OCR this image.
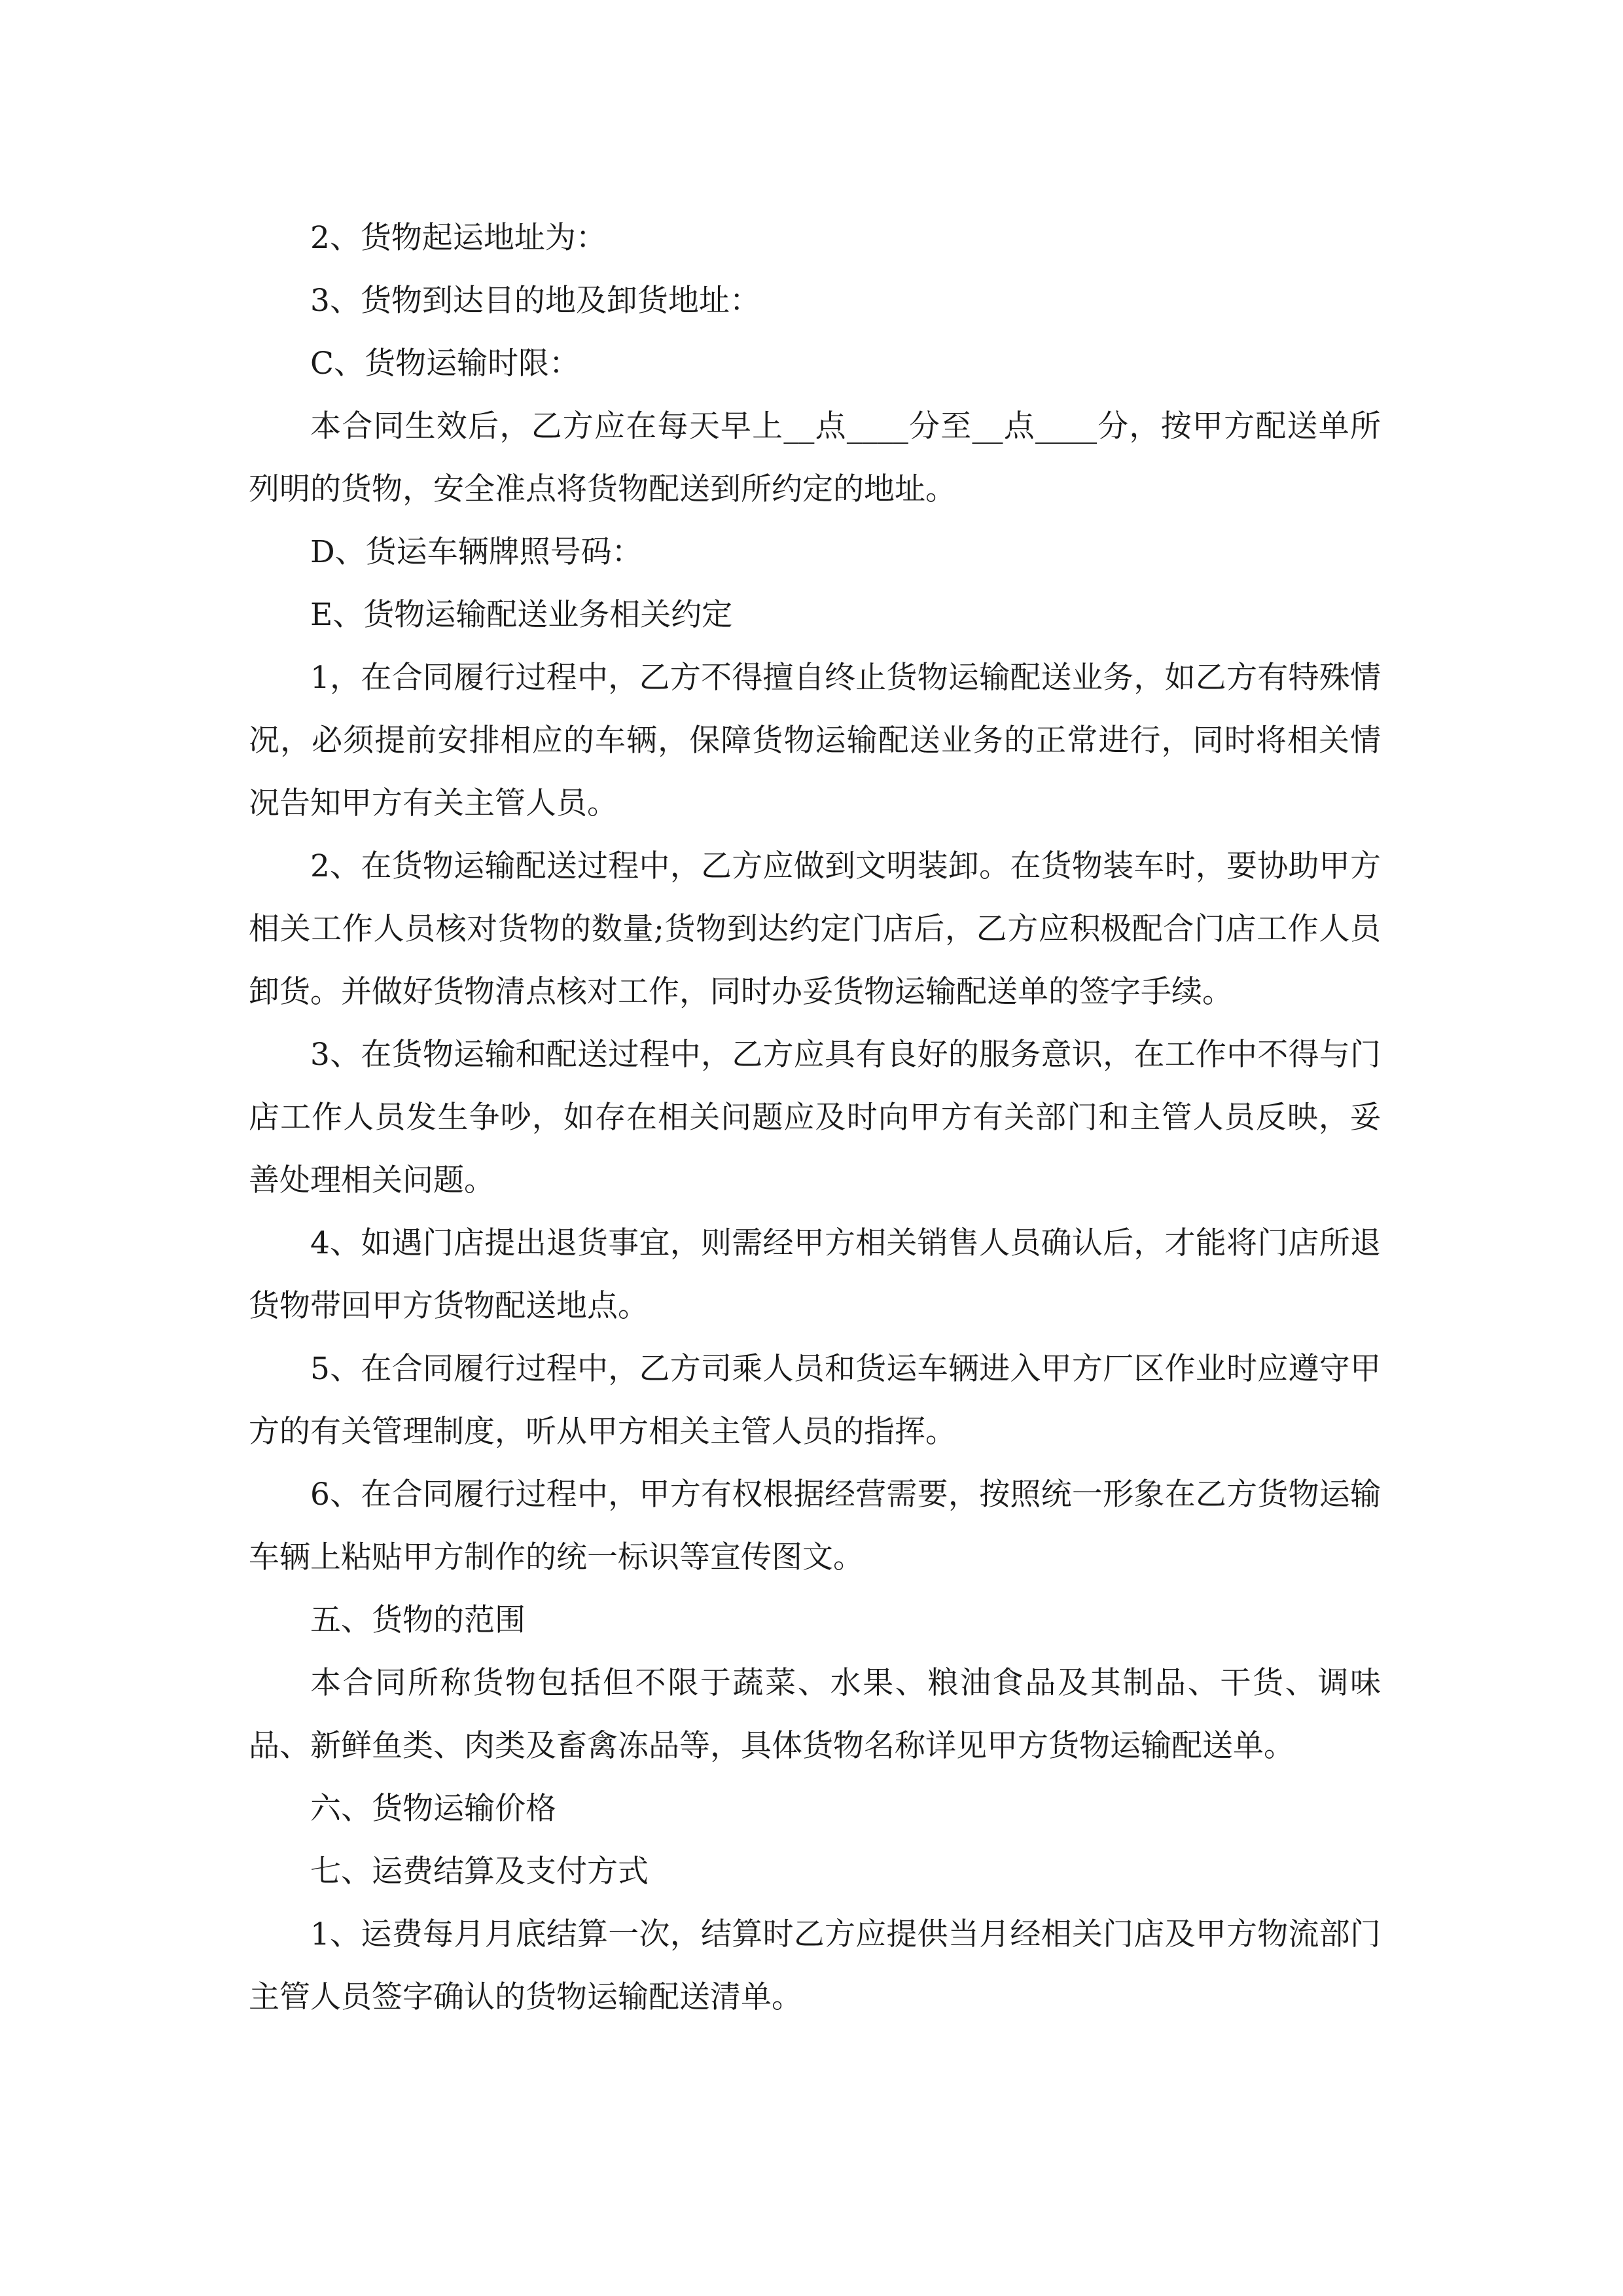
2、货物起运地址为：

3、货物到达目的地及卸货地址：

C、货物运输时限：

本合同生效后，乙方应在每天早上__点____分至__点____分，按甲方配送单所列明的货物，安全准点将货物配送到所约定的地址。

D、货运车辆牌照号码：

E、货物运输配送业务相关约定

1，在合同履行过程中，乙方不得擅自终止货物运输配送业务，如乙方有特殊情况，必须提前安排相应的车辆，保障货物运输配送业务的正常进行，同时将相关情况告知甲方有关主管人员。

2、在货物运输配送过程中，乙方应做到文明装卸。在货物装车时，要协助甲方相关工作人员核对货物的数量;货物到达约定门店后，乙方应积极配合门店工作人员卸货。并做好货物清点核对工作，同时办妥货物运输配送单的签字手续。

3、在货物运输和配送过程中，乙方应具有良好的服务意识，在工作中不得与门店工作人员发生争吵，如存在相关问题应及时向甲方有关部门和主管人员反映，妥善处理相关问题。

4、如遇门店提出退货事宜，则需经甲方相关销售人员确认后，才能将门店所退货物带回甲方货物配送地点。

5、在合同履行过程中，乙方司乘人员和货运车辆进入甲方厂区作业时应遵守甲方的有关管理制度，听从甲方相关主管人员的指挥。

6、在合同履行过程中，甲方有权根据经营需要，按照统一形象在乙方货物运输车辆上粘贴甲方制作的统一标识等宣传图文。

五、货物的范围

本合同所称货物包括但不限于蔬菜、水果、粮油食品及其制品、干货、调味品、新鲜鱼类、肉类及畜禽冻品等，具体货物名称详见甲方货物运输配送单。

六、货物运输价格

七、运费结算及支付方式

1、运费每月月底结算一次，结算时乙方应提供当月经相关门店及甲方物流部门主管人员签字确认的货物运输配送清单。
